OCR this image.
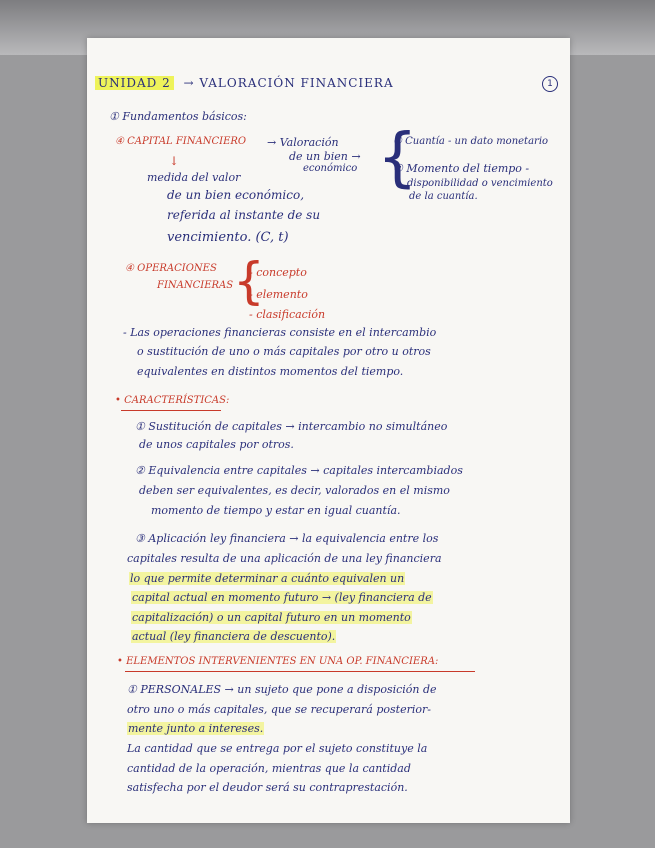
UNIDAD 2 → VALORACIÓN FINANCIERA	1
① Fundamentos básicos:
④ CAPITAL FINANCIERO → Valoración
de un bien →
económico {
① Cuantía - un dato monetario
② Momento del tiempo -
disponibilidad o vencimiento
de la cuantía.
↓
medida del valor
de un bien económico,
referida al instante de su
vencimiento. (C, t)
④ OPERACIONES
FINANCIERAS {
- concepto
- elemento
- clasificación
- Las operaciones financieras consiste en el intercambio
o sustitución de uno o más capitales por otro u otros
equivalentes en distintos momentos del tiempo.
• CARACTERÍSTICAS:
① Sustitución de capitales → intercambio no simultáneo
de unos capitales por otros.
② Equivalencia entre capitales → capitales intercambiados
deben ser equivalentes, es decir, valorados en el mismo
momento de tiempo y estar en igual cuantía.
③ Aplicación ley financiera → la equivalencia entre los
capitales resulta de una aplicación de una ley financiera
lo que permite determinar a cuánto equivalen un
capital actual en momento futuro → (ley financiera de
capitalización) o un capital futuro en un momento
actual (ley financiera de descuento).
• ELEMENTOS INTERVENIENTES EN UNA OP. FINANCIERA:
① PERSONALES → un sujeto que pone a disposición de
otro uno o más capitales, que se recuperará posterior-
mente junto a intereses.
La cantidad que se entrega por el sujeto constituye la
cantidad de la operación, mientras que la cantidad
satisfecha por el deudor será su contraprestación.
